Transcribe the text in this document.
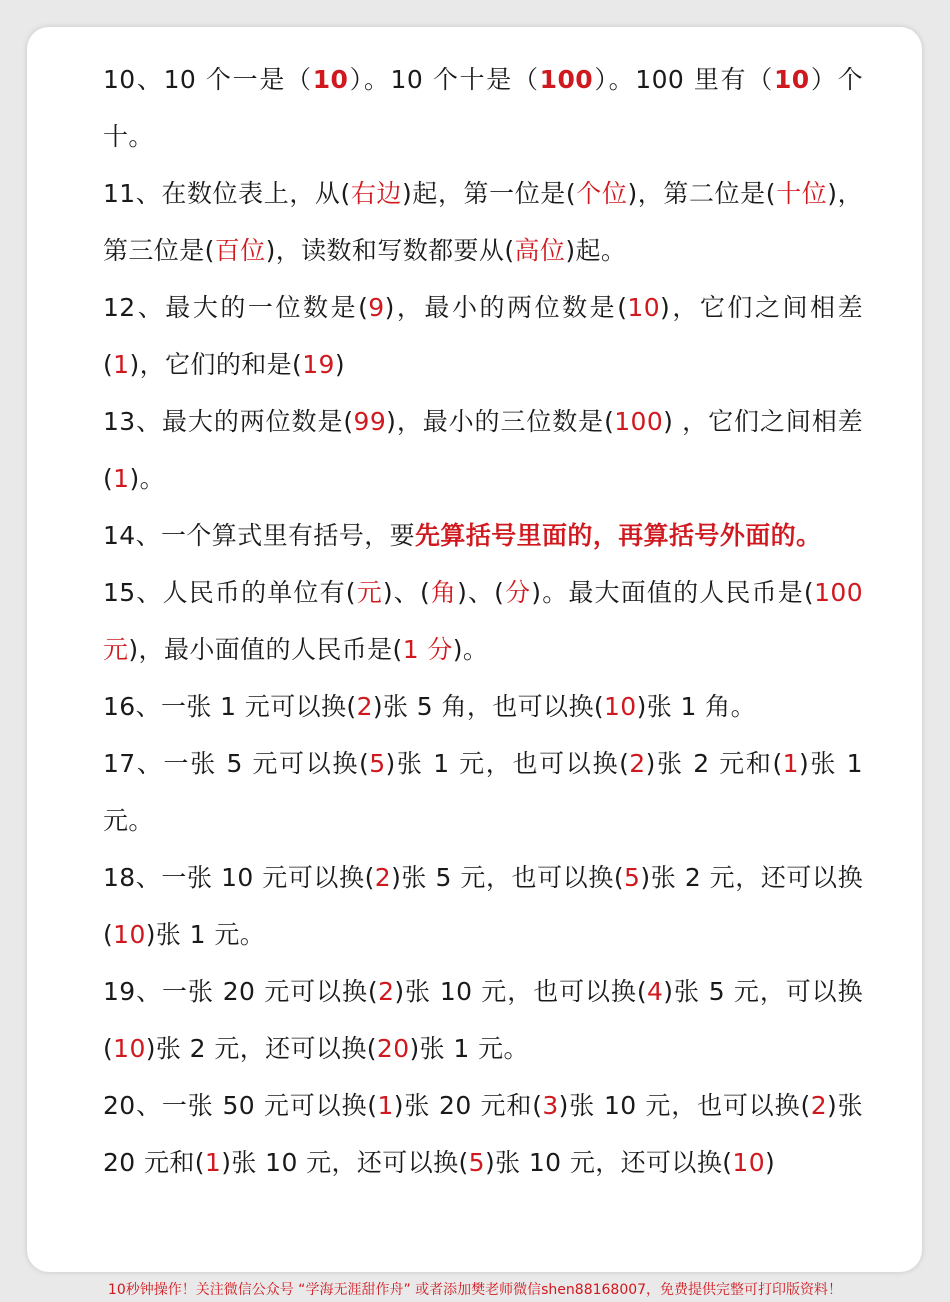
10、10 个一是（10）。10 个十是（100）。100 里有（10）个十。

11、在数位表上，从(右边)起，第一位是(个位)，第二位是(十位)，第三位是(百位)，读数和写数都要从(高位)起。

12、最大的一位数是(9)，最小的两位数是(10)，它们之间相差(1)，它们的和是(19)

13、最大的两位数是(99)，最小的三位数是(100) ，它们之间相差(1)。

14、一个算式里有括号，要先算括号里面的，再算括号外面的。

15、人民币的单位有(元)、(角)、(分)。最大面值的人民币是(100 元)，最小面值的人民币是(1 分)。

16、一张 1 元可以换(2)张 5 角，也可以换(10)张 1 角。

17、一张 5 元可以换(5)张 1 元，也可以换(2)张 2 元和(1)张 1 元。

18、一张 10 元可以换(2)张 5 元，也可以换(5)张 2 元，还可以换(10)张 1 元。

19、一张 20 元可以换(2)张 10 元，也可以换(4)张 5 元，可以换(10)张 2 元，还可以换(20)张 1 元。

20、一张 50 元可以换(1)张 20 元和(3)张 10 元，也可以换(2)张 20 元和(1)张 10 元，还可以换(5)张 10 元，还可以换(10)

10秒钟操作！关注微信公众号 “学海无涯甜作舟” 或者添加樊老师微信shen88168007，免费提供完整可打印版资料！
